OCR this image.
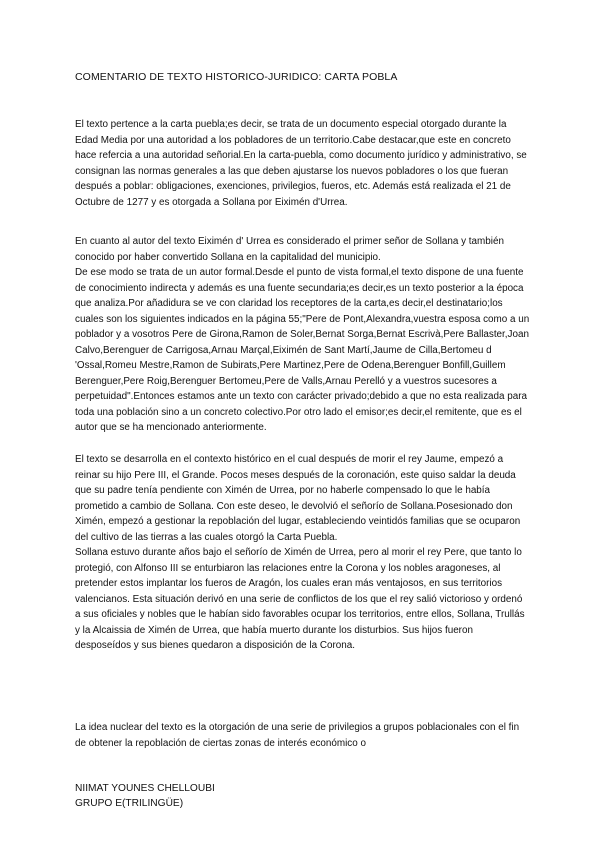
COMENTARIO DE TEXTO HISTORICO-JURIDICO: CARTA POBLA

El texto pertence a la carta puebla;es decir, se trata de un documento especial otorgado durante la Edad Media por una autoridad a los pobladores de un territorio.Cabe destacar,que este en concreto hace refercia a una autoridad señorial.En la carta-puebla, como documento jurídico y administrativo, se consignan las normas generales a las que deben ajustarse los nuevos pobladores o los que fueran después a poblar: obligaciones, exenciones, privilegios, fueros, etc. Además está realizada el 21 de Octubre de 1277 y es otorgada a Sollana por Eiximén d'Urrea.

En cuanto al autor del texto Eiximén d' Urrea es considerado el primer señor de Sollana y también conocido por haber convertido Sollana en la capitalidad del municipio.
De ese modo se trata de un autor formal.Desde el punto de vista formal,el texto dispone de una fuente de conocimiento indirecta y además es una fuente secundaria;es decir,es un texto posterior a la época que analiza.Por añadidura se ve con claridad los receptores de la carta,es decir,el destinatario;los cuales son los siguientes indicados en la página 55;"Pere de Pont,Alexandra,vuestra esposa como a un poblador y a vosotros Pere de Girona,Ramon de Soler,Bernat Sorga,Bernat Escrivà,Pere Ballaster,Joan Calvo,Berenguer de Carrigosa,Arnau Marçal,Eiximén de Sant Martí,Jaume de Cilla,Bertomeu d 'Ossal,Romeu Mestre,Ramon de Subirats,Pere Martinez,Pere de Odena,Berenguer Bonfill,Guillem Berenguer,Pere Roig,Berenguer Bertomeu,Pere de Valls,Arnau Perelló y a vuestros sucesores a perpetuidad".Entonces estamos ante un texto con carácter privado;debido a que no esta realizada para toda una población sino a un concreto colectivo.Por otro lado el emisor;es decir,el remitente, que es el autor que se ha mencionado anteriormente.

El texto se desarrolla en el contexto histórico en el cual después de morir el rey Jaume, empezó a reinar su hijo Pere III, el Grande. Pocos meses después de la coronación, este quiso saldar la deuda que su padre tenía pendiente con Ximén de Urrea, por no haberle compensado lo que le había prometido a cambio de Sollana. Con este deseo, le devolvió el señorío de Sollana.Posesionado don Ximén, empezó a gestionar la repoblación del lugar, estableciendo veintidós familias que se ocuparon del cultivo de las tierras a las cuales otorgó la Carta Puebla.

Sollana estuvo durante años bajo el señorío de Ximén de Urrea, pero al morir el rey Pere, que tanto lo protegió, con Alfonso III se enturbiaron las relaciones entre la Corona y los nobles aragoneses, al pretender estos implantar los fueros de Aragón, los cuales eran más ventajosos, en sus territorios valencianos. Esta situación derivó en una serie de conflictos de los que el rey salió victorioso y ordenó a sus oficiales y nobles que le habían sido favorables ocupar los territorios, entre ellos, Sollana, Trullás y la Alcaissia de Ximén de Urrea, que había muerto durante los disturbios. Sus hijos fueron desposeídos y sus bienes quedaron a disposición de la Corona.

La idea nuclear del texto es la otorgación de una serie de privilegios a grupos poblacionales con el fin de obtener la repoblación de ciertas zonas de interés económico o

NIIMAT YOUNES CHELLOUBI
GRUPO E(TRILINGÜE)
